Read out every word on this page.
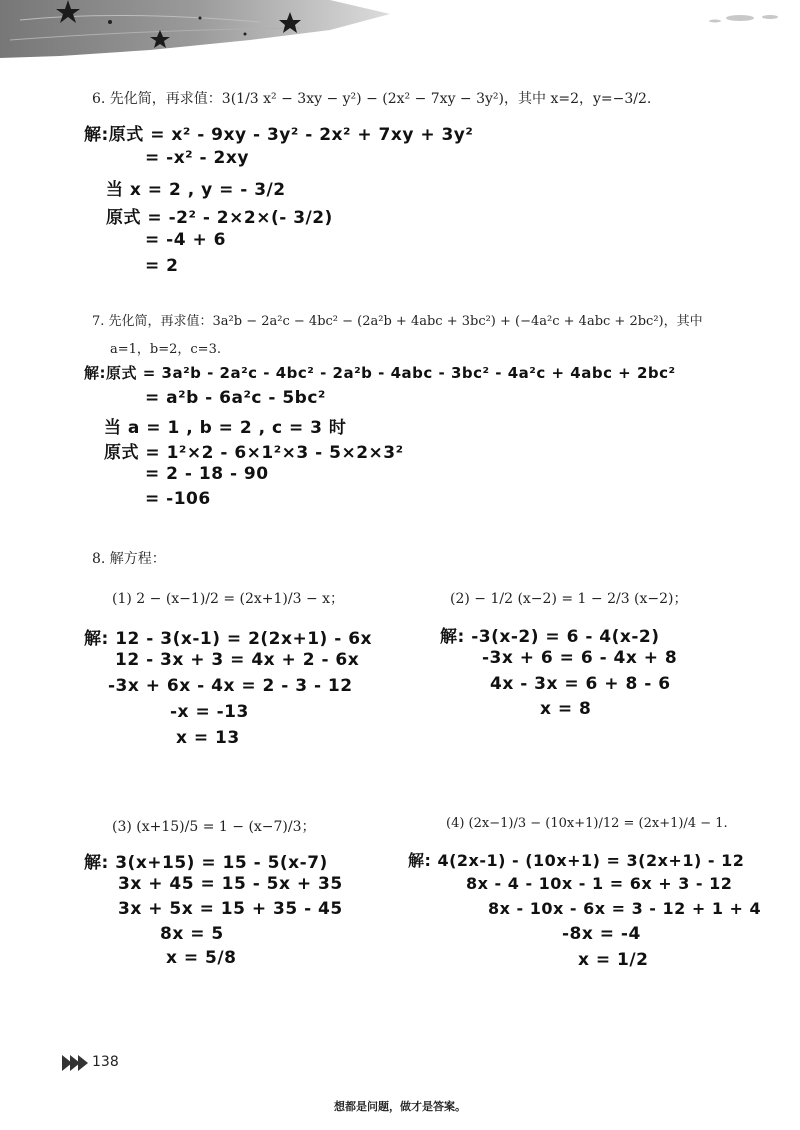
6. 先化简，再求值：3(1/3 x² − 3xy − y²) − (2x² − 7xy − 3y²)，其中 x=2，y=−3/2.
解:原式 = x² - 9xy - 3y² - 2x² + 7xy + 3y²
= -x² - 2xy
当 x = 2 , y = - 3/2
原式 = -2² - 2×2×(- 3/2)
= -4 + 6
= 2
7. 先化简，再求值：3a²b − 2a²c − 4bc² − (2a²b + 4abc + 3bc²) + (−4a²c + 4abc + 2bc²)，其中
a=1，b=2，c=3.
解:原式 = 3a²b - 2a²c - 4bc² - 2a²b - 4abc - 3bc² - 4a²c + 4abc + 2bc²
= a²b - 6a²c - 5bc²
当 a = 1 , b = 2 , c = 3 时
原式 = 1²×2 - 6×1²×3 - 5×2×3²
= 2 - 18 - 90
= -106
8. 解方程：
(1) 2 − (x−1)/2 = (2x+1)/3 − x；
解: 12 - 3(x-1) = 2(2x+1) - 6x
12 - 3x + 3 = 4x + 2 - 6x
-3x + 6x - 4x = 2 - 3 - 12
-x = -13
x = 13
(2) − 1/2 (x−2) = 1 − 2/3 (x−2)；
解: -3(x-2) = 6 - 4(x-2)
-3x + 6 = 6 - 4x + 8
4x - 3x = 6 + 8 - 6
x = 8
(3) (x+15)/5 = 1 − (x−7)/3；
解: 3(x+15) = 15 - 5(x-7)
3x + 45 = 15 - 5x + 35
3x + 5x = 15 + 35 - 45
8x = 5
x = 5/8
(4) (2x−1)/3 − (10x+1)/12 = (2x+1)/4 − 1.
解: 4(2x-1) - (10x+1) = 3(2x+1) - 12
8x - 4 - 10x - 1 = 6x + 3 - 12
8x - 10x - 6x = 3 - 12 + 1 + 4
-8x = -4
x = 1/2
138
想都是问题，做才是答案。
